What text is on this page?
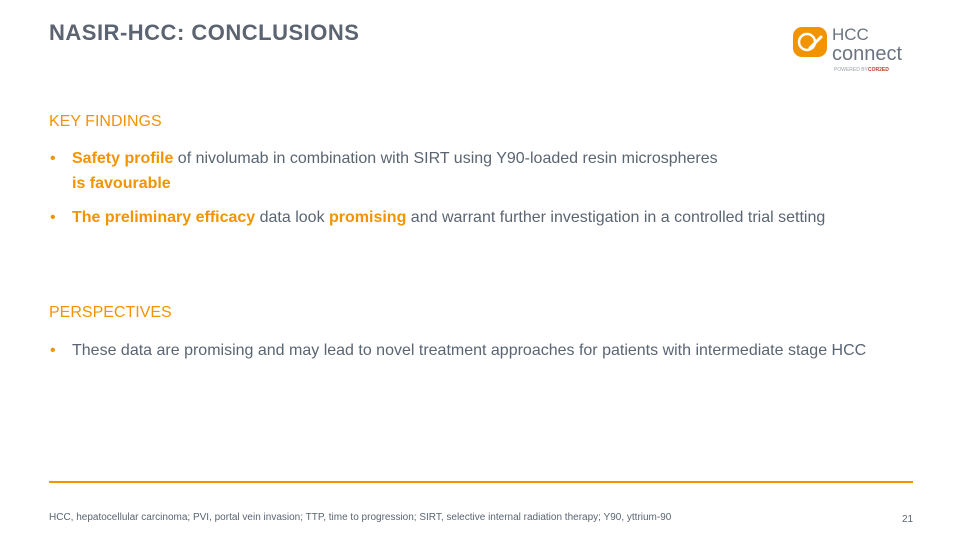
NASIR-HCC: CONCLUSIONS	HCC
connect
POWERED BY COR2ED
KEY FINDINGS
• Safety profile of nivolumab in combination with SIRT using Y90-loaded resin microspheres
is favourable
• The preliminary efficacy data look promising and warrant further investigation in a controlled trial setting
PERSPECTIVES
• These data are promising and may lead to novel treatment approaches for patients with intermediate stage HCC
HCC, hepatocellular carcinoma; PVI, portal vein invasion; TTP, time to progression; SIRT, selective internal radiation therapy; Y90, yttrium-90	21
